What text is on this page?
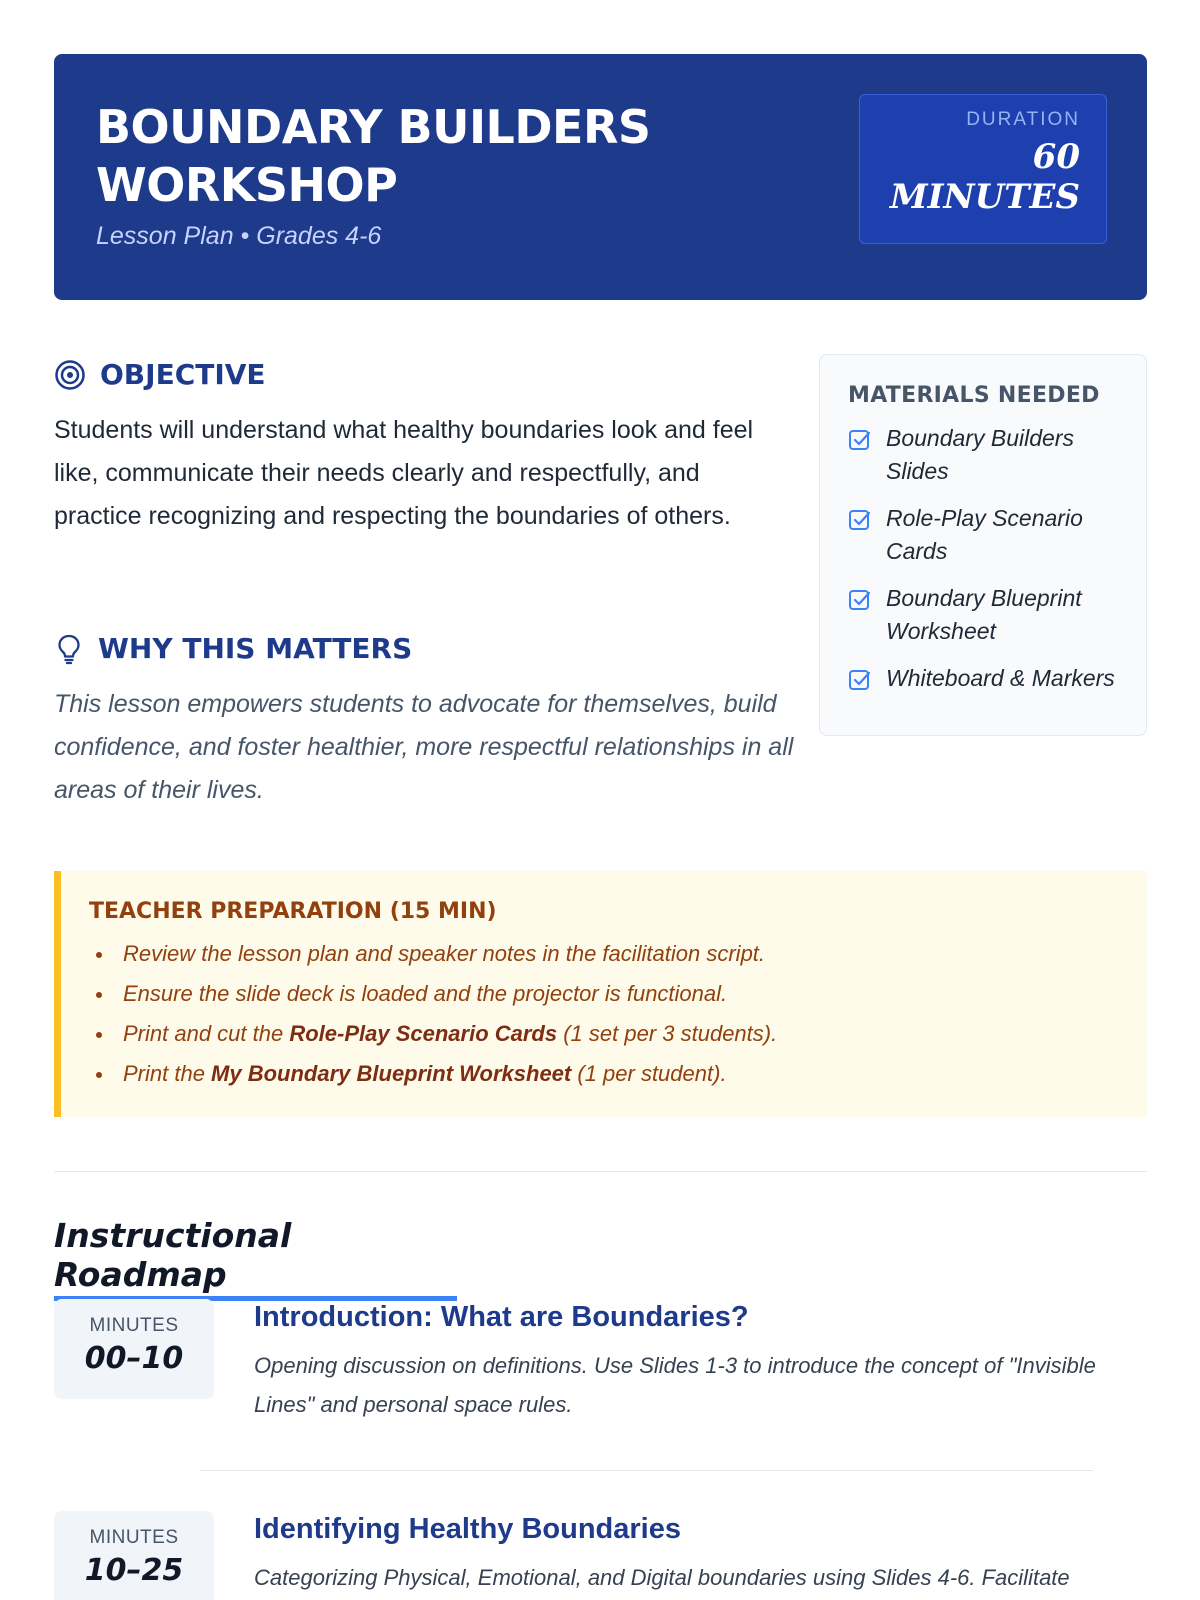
BOUNDARY BUILDERS WORKSHOP
Lesson Plan • Grades 4-6
DURATION
60 MINUTES
OBJECTIVE

Students will understand what healthy boundaries look and feel like, communicate their needs clearly and respectfully, and practice recognizing and respecting the boundaries of others.

WHY THIS MATTERS

This lesson empowers students to advocate for themselves, build confidence, and foster healthier, more respectful relationships in all areas of their lives.

MATERIALS NEEDED
Boundary Builders Slides
Role-Play Scenario Cards
Boundary Blueprint Worksheet
Whiteboard & Markers
TEACHER PREPARATION (15 MIN)
Review the lesson plan and speaker notes in the facilitation script.
Ensure the slide deck is loaded and the projector is functional.
Print and cut the Role-Play Scenario Cards (1 set per 3 students).
Print the My Boundary Blueprint Worksheet (1 per student).
Instructional Roadmap
MINUTES
00–10
Introduction: What are Boundaries?

Opening discussion on definitions. Use Slides 1-3 to introduce the concept of "Invisible Lines" and personal space rules.

MINUTES
10–25
Identifying Healthy Boundaries

Categorizing Physical, Emotional, and Digital boundaries using Slides 4-6. Facilitate
